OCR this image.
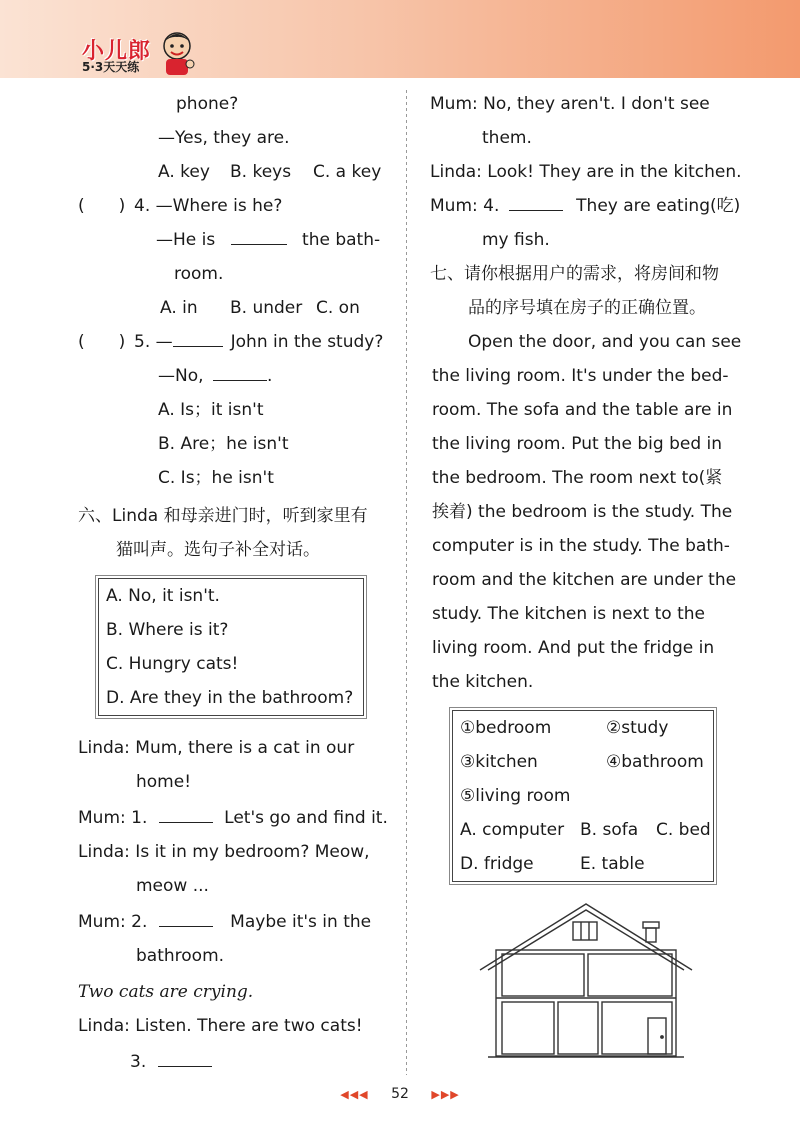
小儿郎
5·3天天练
phone?
—Yes, they are.
A. key B. keys C. a key
(　　) 4. —Where is he?
—He is	the bath-
room.
A. in B. under C. on
(　　) 5. —	John in the study?
—No,	.
A. Is；it isn't
B. Are；he isn't
C. Is；he isn't
六、Linda 和母亲进门时，听到家里有
猫叫声。选句子补全对话。
A. No, it isn't.
B. Where is it?
C. Hungry cats!
D. Are they in the bathroom?
Linda: Mum, there is a cat in our
home!
Mum: 1.	Let's go and find it.
Linda: Is it in my bedroom? Meow,
meow ...
Mum: 2.	Maybe it's in the
bathroom.
Two cats are crying.
Linda: Listen. There are two cats!
3.
Mum: No, they aren't. I don't see
them.
Linda: Look! They are in the kitchen.
Mum: 4.	They are eating(吃)
my fish.
七、请你根据用户的需求，将房间和物
品的序号填在房子的正确位置。
Open the door, and you can see
the living room. It's under the bed-
room. The sofa and the table are in
the living room. Put the big bed in
the bedroom. The room next to(紧
挨着) the bedroom is the study. The
computer is in the study. The bath-
room and the kitchen are under the
study. The kitchen is next to the
living room. And put the fridge in
the kitchen.
①bedroom	②study
③kitchen	④bathroom
⑤living room
A. computer B. sofa C. bed
D. fridge	E. table
◀◀◀ 52 ▶▶▶
